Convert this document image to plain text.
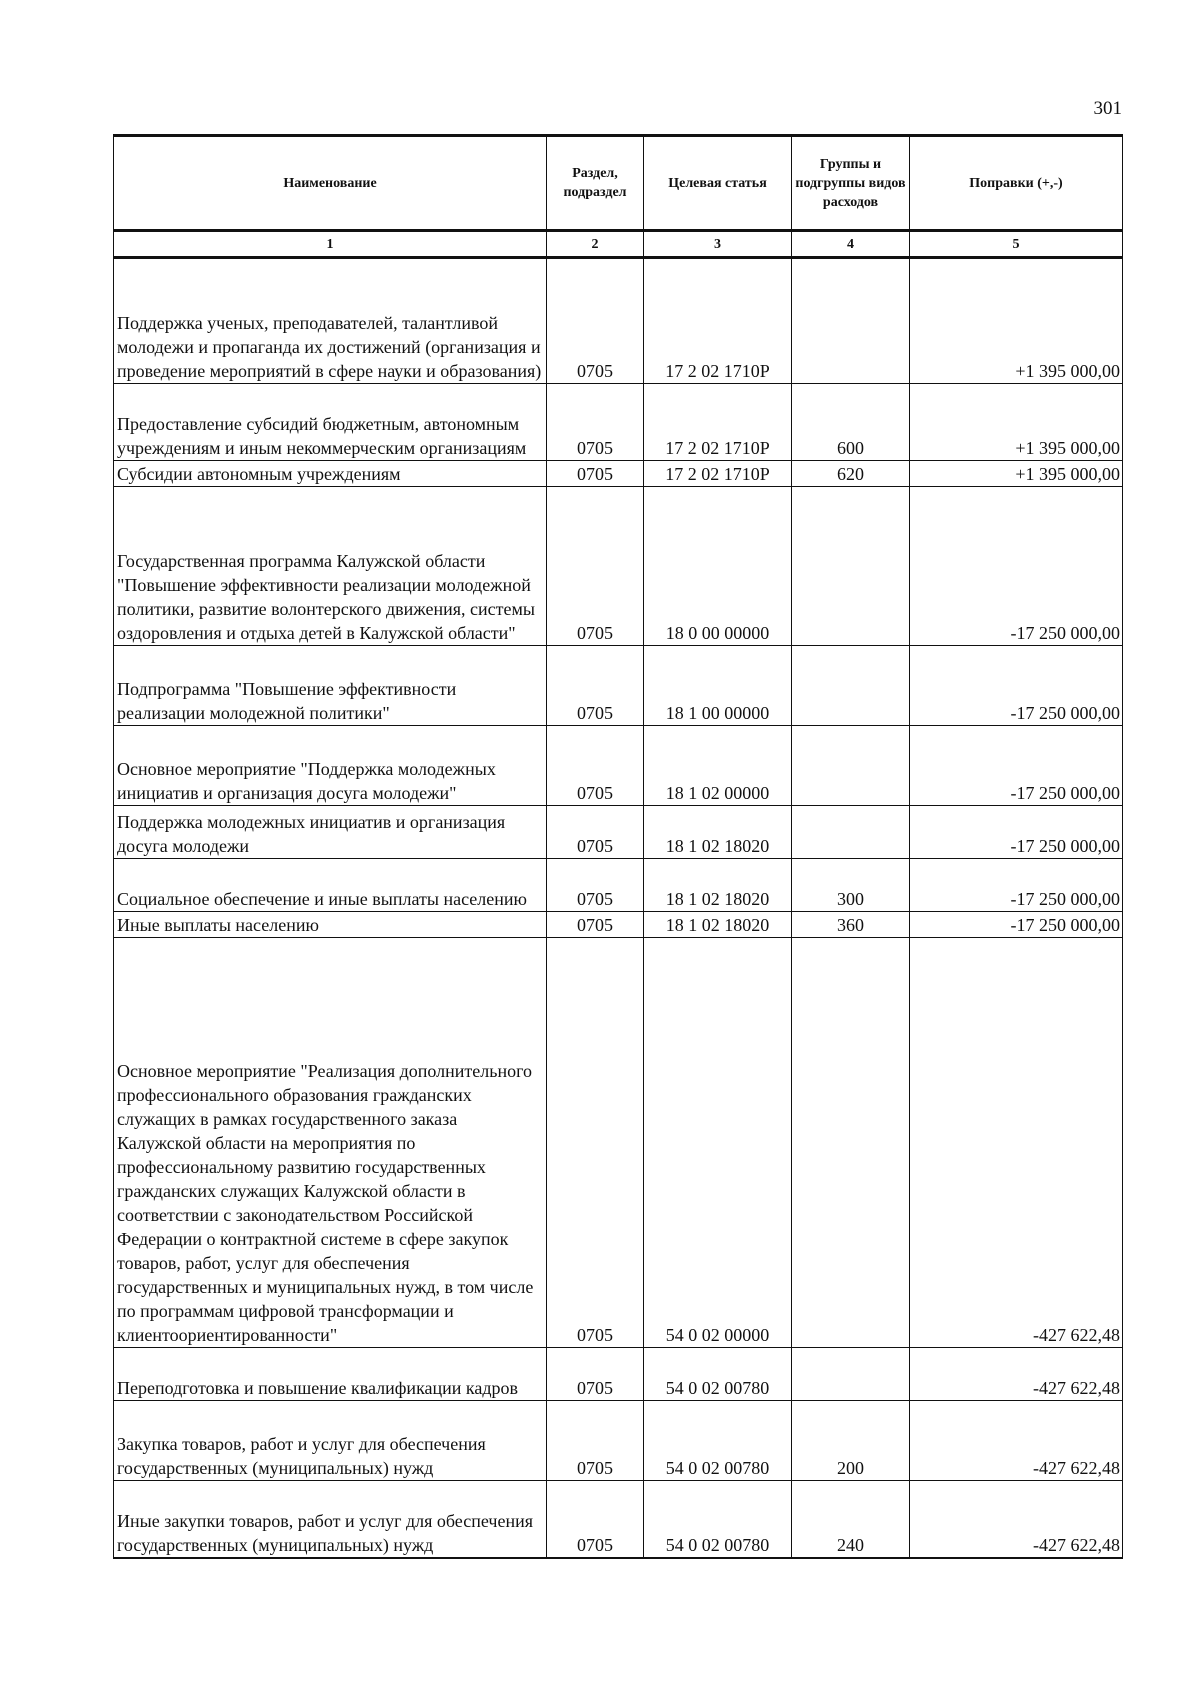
301
Наименование	Раздел, подраздел	Целевая статья	Группы и подгруппы видов расходов	Поправки (+,-)
1	2	3	4	5
Поддержка ученых, преподавателей, талантливой молодежи и пропаганда их достижений (организация и проведение мероприятий в сфере науки и образования)	0705	17 2 02 1710Р		+1 395 000,00
Предоставление субсидий бюджетным, автономным учреждениям и иным некоммерческим организациям	0705	17 2 02 1710Р	600	+1 395 000,00
Субсидии автономным учреждениям	0705	17 2 02 1710Р	620	+1 395 000,00
Государственная программа Калужской области "Повышение эффективности реализации молодежной политики, развитие волонтерского движения, системы оздоровления и отдыха детей в Калужской области"	0705	18 0 00 00000		-17 250 000,00
Подпрограмма "Повышение эффективности реализации молодежной политики"	0705	18 1 00 00000		-17 250 000,00
Основное мероприятие "Поддержка молодежных инициатив и организация досуга молодежи"	0705	18 1 02 00000		-17 250 000,00
Поддержка молодежных инициатив и организация досуга молодежи	0705	18 1 02 18020		-17 250 000,00
Социальное обеспечение и иные выплаты населению	0705	18 1 02 18020	300	-17 250 000,00
Иные выплаты населению	0705	18 1 02 18020	360	-17 250 000,00
Основное мероприятие "Реализация дополнительного профессионального образования гражданских служащих в рамках государственного заказа Калужской области на мероприятия по профессиональному развитию государственных гражданских служащих Калужской области в соответствии с законодательством Российской Федерации о контрактной системе в сфере закупок товаров, работ, услуг для обеспечения государственных и муниципальных нужд, в том числе по программам цифровой трансформации и клиентоориентированности"	0705	54 0 02 00000		-427 622,48
Переподготовка и повышение квалификации кадров	0705	54 0 02 00780		-427 622,48
Закупка товаров, работ и услуг для обеспечения государственных (муниципальных) нужд	0705	54 0 02 00780	200	-427 622,48
Иные закупки товаров, работ и услуг для обеспечения государственных (муниципальных) нужд	0705	54 0 02 00780	240	-427 622,48
